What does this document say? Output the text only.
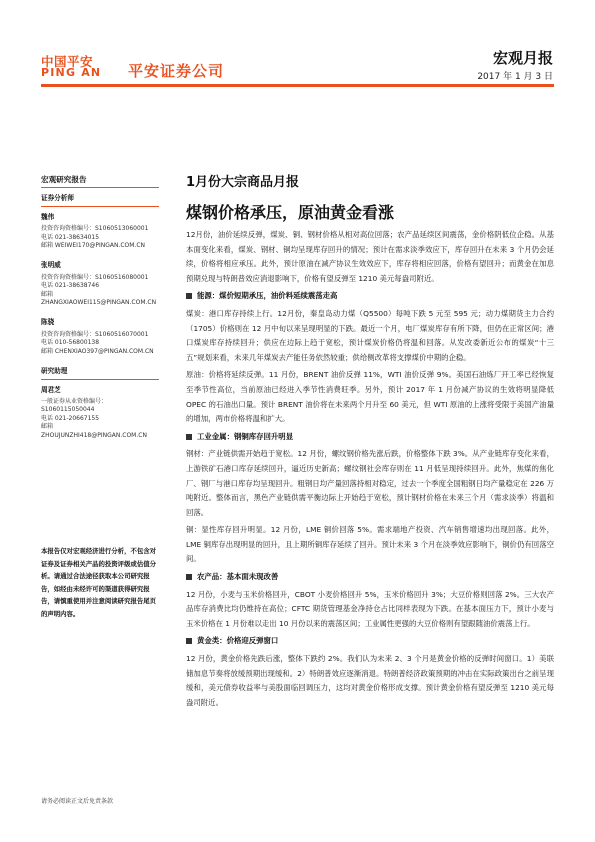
中国平安
PING AN 平安证券公司
宏观月报
2017 年 1 月 3 日
宏观研究报告
证券分析师
魏伟
投资咨询资格编号：S1060513060001
电话 021-38634015
邮箱 WEIWEI170@PINGAN.COM.CN
张明威
投资咨询资格编号：S1060516080001
电话 021-38638746
邮箱 ZHANGXIAOWEI115@PINGAN.COM.CN
陈骁
投资咨询资格编号：S1060516070001
电话 010-56800138
邮箱 CHENXIAO397@PINGAN.COM.CN
研究助理
周君芝
一般证券从业资格编号：S1060115050044
电话 021-20667155
邮箱 ZHOUJUNZHI418@PINGAN.COM.CN
本报告仅对宏观经济进行分析，不包含对证券及证券相关产品的投资评级或估值分析。请通过合法途径获取本公司研究报告，如经由未经许可的渠道获得研究报告，请慎重使用并注意阅读研究报告尾页的声明内容。
1月份大宗商品月报
煤钢价格承压，原油黄金看涨

12月份，油价延续反弹，煤炭、铜、钢材价格从相对高位回落；农产品延续区间震荡，金价格阴低位企稳。从基本面变化来看，煤炭、钢材、铜均呈现库存回升的情况；预计在需求淡季效应下，库存回升在未来 3 个月仍会延续，价格将相应承压。此外，预计原油在减产协议生效效应下，库存将相应回落，价格有望回升；而黄金在加息预期兑现与特朗普效应消退影响下，价格有望反弹至 1210 美元每盎司附近。

能源：煤价短期承压，油价料延续震荡走高

煤炭：港口库存持续上行。12月份，秦皇岛动力煤（Q5500）每吨下跌 5 元至 595 元；动力煤期货主力合约（1705）价格则在 12 月中旬以来呈现明显的下跌。最近一个月，电厂煤炭库存有所下降，但仍在正常区间；港口煤炭库存持续回升；供应在边际上趋于宽松，预计煤炭价格仍将温和回落。从发改委新近公布的煤炭“十三五”规划来看，未来几年煤炭去产能任务依然较重；供给侧改革将支撑煤价中期的企稳。

原油：价格将延续反弹。11 月份，BRENT 油价反弹 11%，WTI 油价反弹 9%。美国石油炼厂开工率已经恢复至季节性高位，当前原油已经进入季节性消费旺季。另外，预计 2017 年 1 月份减产协议的生效将明显降低 OPEC 的石油出口量。预计 BRENT 油价将在未来两个月升至 60 美元，但 WTI 原油的上涨将受限于美国产油量的增加，两市价格将温和扩大。

工业金属：钢铜库存回升明显

钢材：产业链供需开始趋于宽松。12 月份，螺纹钢价格先涨后跌，价格整体下跌 3%。从产业链库存变化来看，上游铁矿石港口库存延续回升，逼近历史新高；螺纹钢社会库存则在 11 月低呈现持续回升。此外，焦煤的焦化厂、钢厂与港口库存均呈现回升。粗钢日均产量回落持相对稳定，过去一个季度全国粗钢日均产量稳定在 226 万吨附近。整体而言，黑色产业链供需平衡边际上开始趋于宽松，预计钢材价格在未来三个月（需求淡季）将温和回落。

铜：显性库存回升明显。12 月份，LME 铜价回落 5%。需求端地产投资、汽车销售增速均出现回落。此外，LME 铜库存出现明显的回升，且上期所铜库存延续了回升。预计未来 3 个月在淡季效应影响下，铜价仍有回落空间。

农产品：基本面未现改善

12 月份，小麦与玉米价格回升，CBOT 小麦价格回升 5%，玉米价格回升 3%；大豆价格则回落 2%。三大农产品库存消费比均仍维持在高位；CFTC 期货管理基金净持仓占比同样表现为下跌。在基本面压力下，预计小麦与玉米价格在 1 月份难以走出 10 月份以来的震荡区间；工业属性更强的大豆价格则有望跟随油价震荡上行。

黄金类：价格迎反弹窗口

12 月份，黄金价格先跌后涨，整体下跌约 2%。我们认为未来 2、3 个月是黄金价格的反弹时间窗口。1）美联储加息节奏将放缓预期出现缓和。2）特朗普效应逐渐消退。特朗普经济政策预期的冲击在实际政策出台之前呈现缓和，美元债券收益率与美股面临回调压力，这均对黄金价格形成支撑。预计黄金价格有望反弹至 1210 美元每盎司附近。

请务必阅读正文后免责条款
